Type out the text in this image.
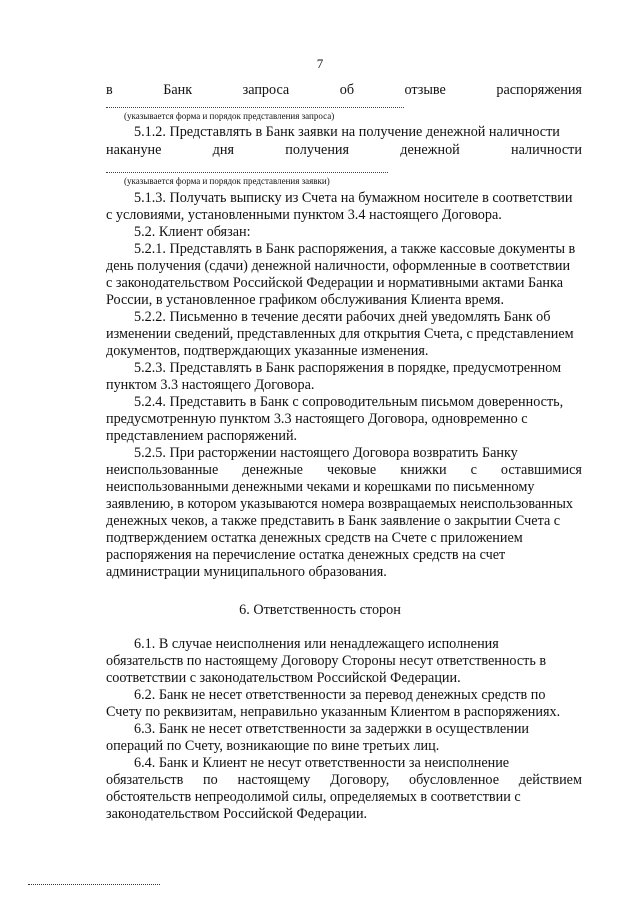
7
в	Банк	запроса	об	отзыве	распоряжения
(указывается форма и порядок представления запроса)
5.1.2. Представлять в Банк заявки на получение денежной наличности
накануне	дня	получения	денежной	наличности
(указывается форма и порядок представления заявки)
5.1.3. Получать выписку из Счета на бумажном носителе в соответствии
с условиями, установленными пунктом 3.4 настоящего Договора.
5.2. Клиент обязан:
5.2.1. Представлять в Банк распоряжения, а также кассовые документы в
день получения (сдачи) денежной наличности, оформленные в соответствии
с законодательством Российской Федерации и нормативными актами Банка
России, в установленное графиком обслуживания Клиента время.
5.2.2. Письменно в течение десяти рабочих дней уведомлять Банк об
изменении сведений, представленных для открытия Счета, с представлением
документов, подтверждающих указанные изменения.
5.2.3. Представлять в Банк распоряжения в порядке, предусмотренном
пунктом 3.3 настоящего Договора.
5.2.4. Представить в Банк с сопроводительным письмом доверенность,
предусмотренную пунктом 3.3 настоящего Договора, одновременно с
представлением распоряжений.
5.2.5. При расторжении настоящего Договора возвратить Банку
неиспользованные денежные чековые книжки с оставшимися
неиспользованными денежными чеками и корешками по письменному
заявлению, в котором указываются номера возвращаемых неиспользованных
денежных чеков, а также представить в Банк заявление о закрытии Счета с
подтверждением остатка денежных средств на Счете с приложением
распоряжения на перечисление остатка денежных средств на счет
администрации муниципального образования.
6. Ответственность сторон
6.1. В случае неисполнения или ненадлежащего исполнения
обязательств по настоящему Договору Стороны несут ответственность в
соответствии с законодательством Российской Федерации.
6.2. Банк не несет ответственности за перевод денежных средств по
Счету по реквизитам, неправильно указанным Клиентом в распоряжениях.
6.3. Банк не несет ответственности за задержки в осуществлении
операций по Счету, возникающие по вине третьих лиц.
6.4. Банк и Клиент не несут ответственности за неисполнение
обязательств по настоящему Договору, обусловленное действием
обстоятельств непреодолимой силы, определяемых в соответствии с
законодательством Российской Федерации.
